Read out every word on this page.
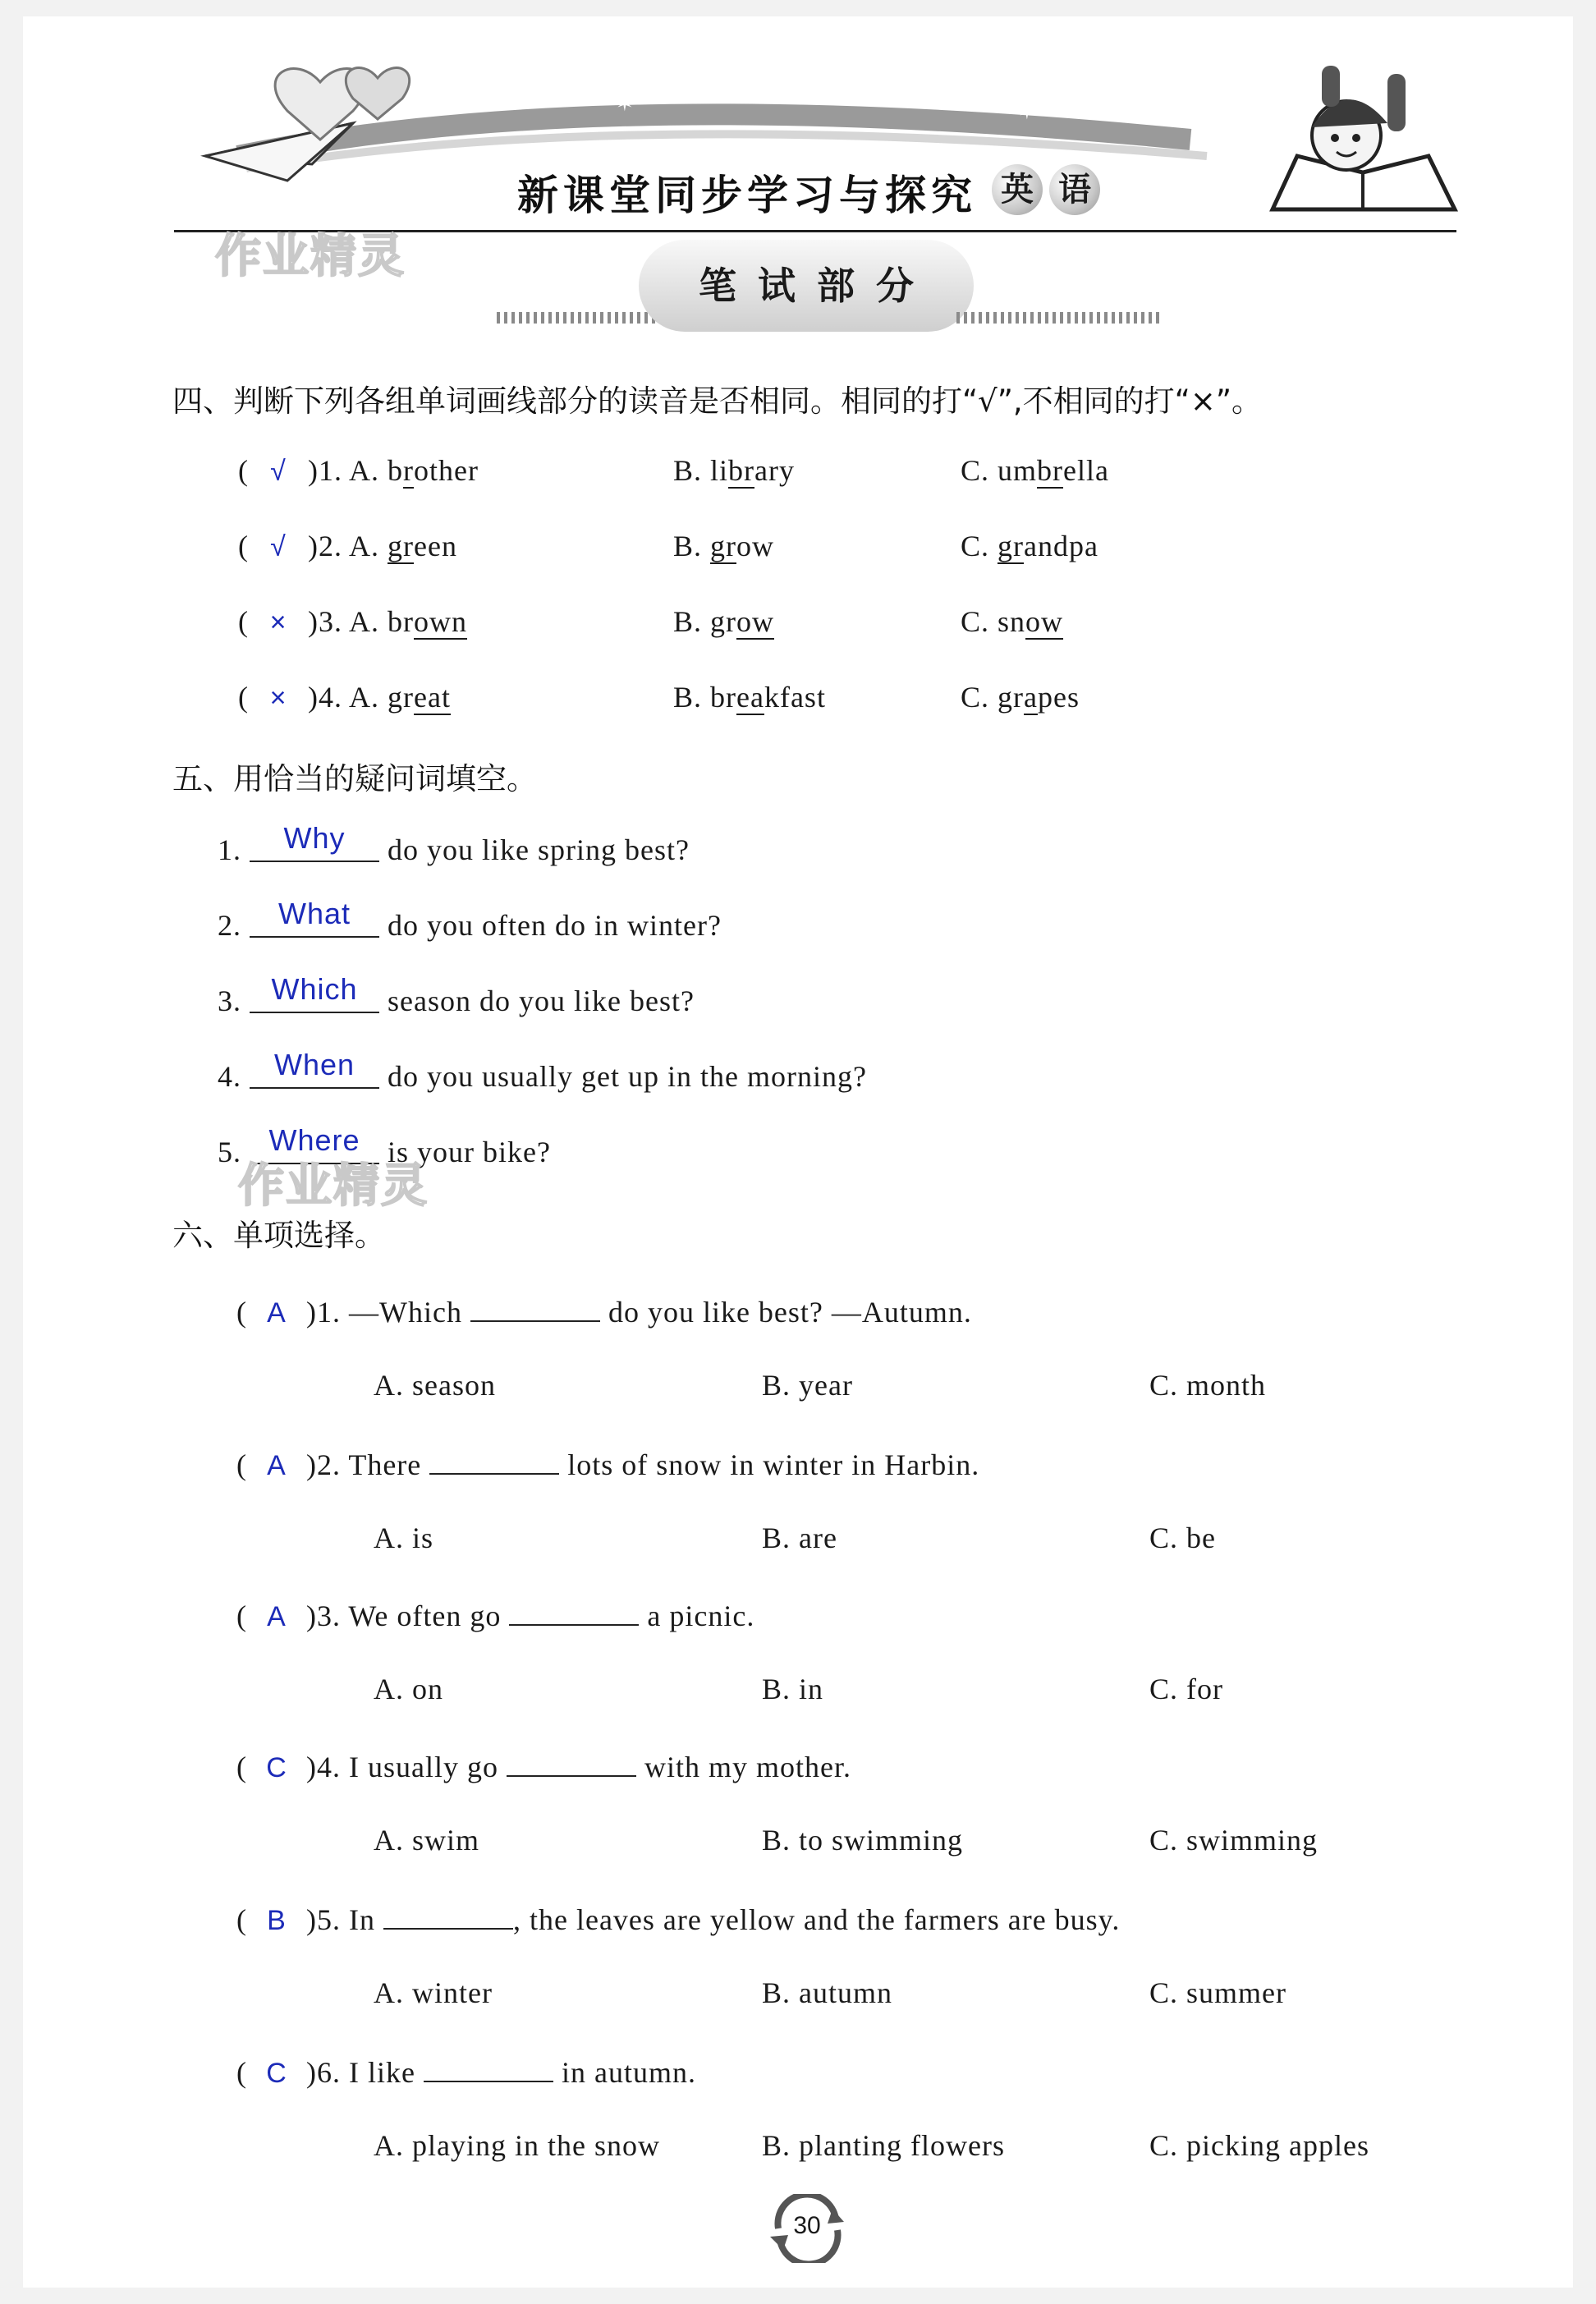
✶	✶
新课堂同步学习与探究 英 语
作业精灵
笔试部分
四、判断下列各组单词画线部分的读音是否相同。相同的打“√”,不相同的打“×”。
( √ )1. A. brother	B. library	C. umbrella
( √ )2. A. green	B. grow	C. grandpa
( × )3. A. brown	B. grow	C. snow
( × )4. A. great	B. breakfast	C. grapes
五、用恰当的疑问词填空。
1. Why do you like spring best?
2. What do you often do in winter?
3. Which season do you like best?
4. When do you usually get up in the morning?
5. Where is your bike?
作业精灵
六、单项选择。
( A )1. —Which	do you like best? —Autumn.
A. season	B. year	C. month
( A )2. There	lots of snow in winter in Harbin.
A. is	B. are	C. be
( A )3. We often go	a picnic.
A. on	B. in	C. for
( C )4. I usually go	with my mother.
A. swim	B. to swimming	C. swimming
( B )5. In	, the leaves are yellow and the farmers are busy.
A. winter	B. autumn	C. summer
( C )6. I like	in autumn.
A. playing in the snow	B. planting flowers	C. picking apples
30
